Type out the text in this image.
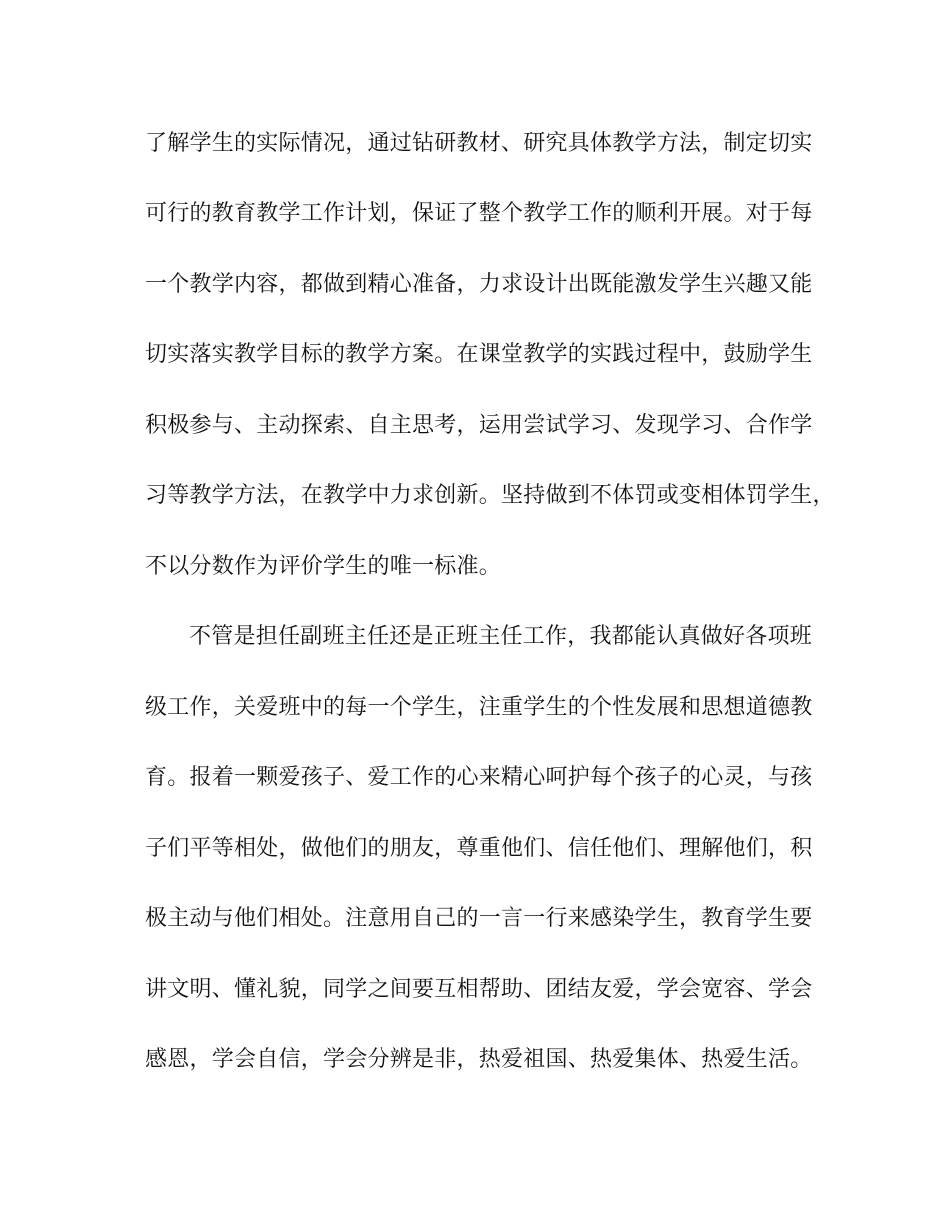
了解学生的实际情况，通过钻研教材、研究具体教学方法，制定切实
可行的教育教学工作计划，保证了整个教学工作的顺利开展。对于每
一个教学内容，都做到精心准备，力求设计出既能激发学生兴趣又能
切实落实教学目标的教学方案。在课堂教学的实践过程中，鼓励学生
积极参与、主动探索、自主思考，运用尝试学习、发现学习、合作学
习等教学方法，在教学中力求创新。坚持做到不体罚或变相体罚学生，
不以分数作为评价学生的唯一标准。
不管是担任副班主任还是正班主任工作，我都能认真做好各项班
级工作，关爱班中的每一个学生，注重学生的个性发展和思想道德教
育。报着一颗爱孩子、爱工作的心来精心呵护每个孩子的心灵，与孩
子们平等相处，做他们的朋友，尊重他们、信任他们、理解他们，积
极主动与他们相处。注意用自己的一言一行来感染学生，教育学生要
讲文明、懂礼貌，同学之间要互相帮助、团结友爱，学会宽容、学会
感恩，学会自信，学会分辨是非，热爱祖国、热爱集体、热爱生活。
